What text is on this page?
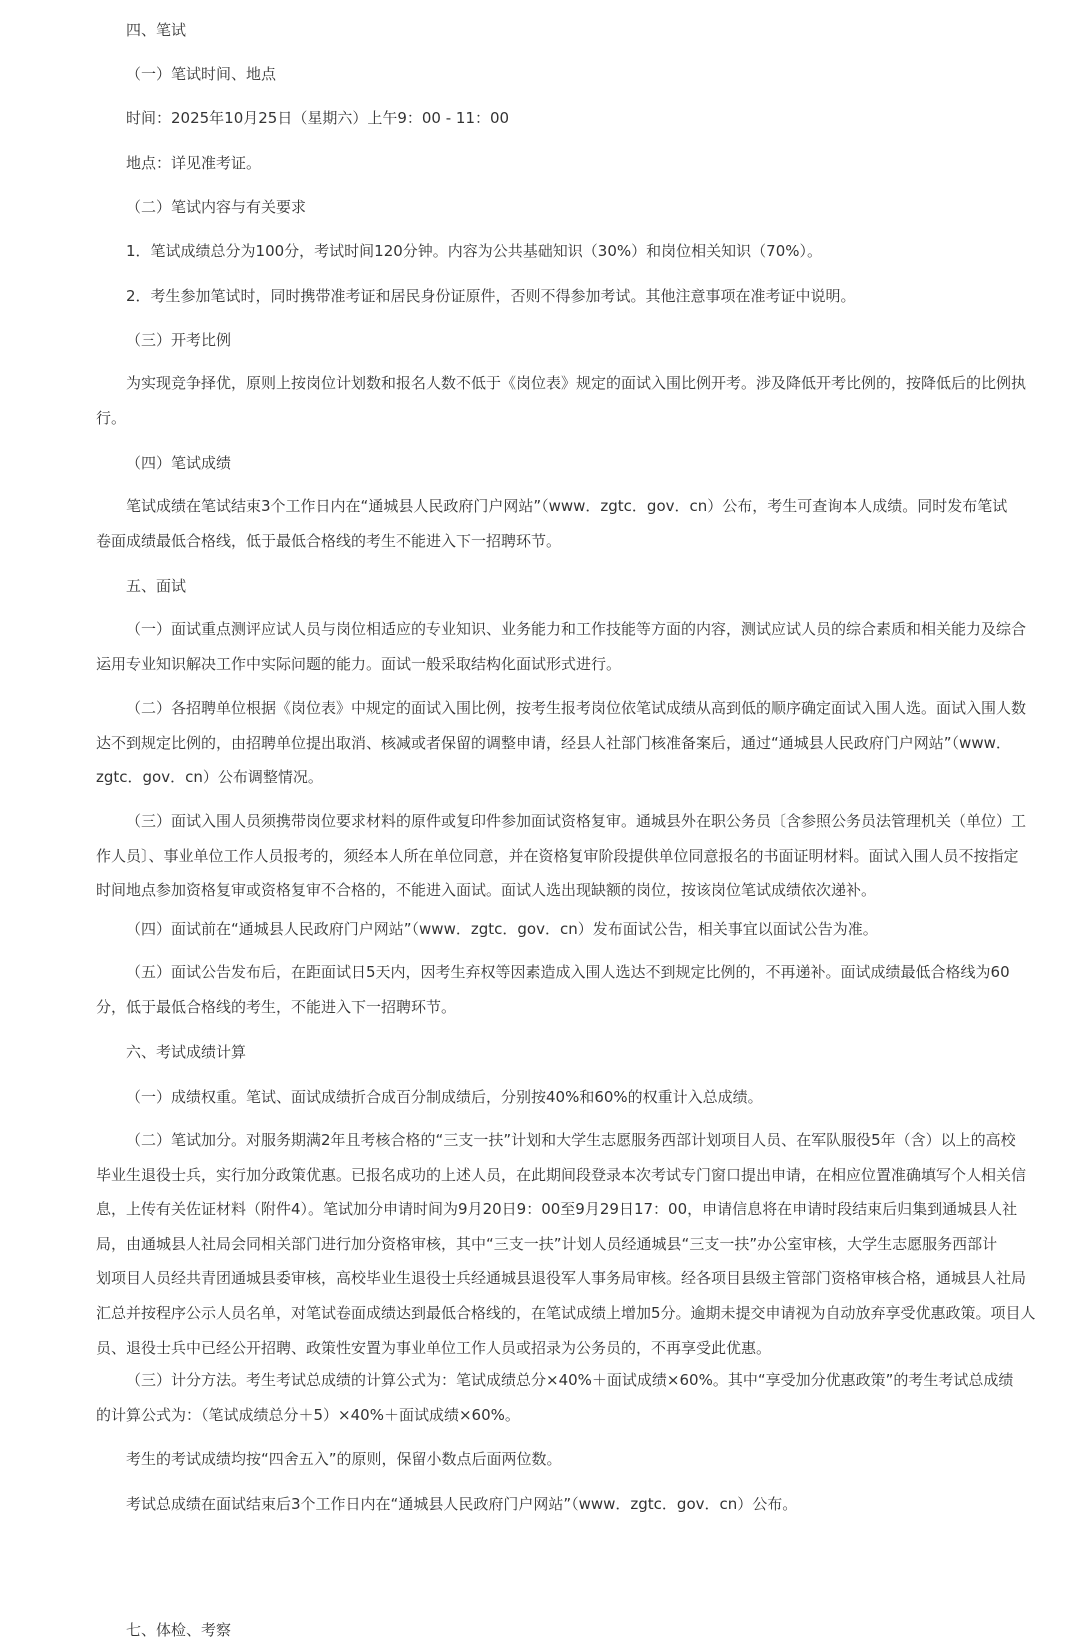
四、笔试
（一）笔试时间、地点
时间：2025年10月25日（星期六）上午9：00 - 11：00
地点：详见准考证。
（二）笔试内容与有关要求
1．笔试成绩总分为100分，考试时间120分钟。内容为公共基础知识（30%）和岗位相关知识（70%）。
2．考生参加笔试时，同时携带准考证和居民身份证原件，否则不得参加考试。其他注意事项在准考证中说明。
（三）开考比例
为实现竞争择优，原则上按岗位计划数和报名人数不低于《岗位表》规定的面试入围比例开考。涉及降低开考比例的，按降低后的比例执
行。
（四）笔试成绩
笔试成绩在笔试结束3个工作日内在“通城县人民政府门户网站”（www．zgtc．gov．cn）公布，考生可查询本人成绩。同时发布笔试
卷面成绩最低合格线，低于最低合格线的考生不能进入下一招聘环节。
五、面试
（一）面试重点测评应试人员与岗位相适应的专业知识、业务能力和工作技能等方面的内容，测试应试人员的综合素质和相关能力及综合
运用专业知识解决工作中实际问题的能力。面试一般采取结构化面试形式进行。
（二）各招聘单位根据《岗位表》中规定的面试入围比例，按考生报考岗位依笔试成绩从高到低的顺序确定面试入围人选。面试入围人数
达不到规定比例的，由招聘单位提出取消、核减或者保留的调整申请，经县人社部门核准备案后，通过“通城县人民政府门户网站”（www．
zgtc．gov．cn）公布调整情况。
（三）面试入围人员须携带岗位要求材料的原件或复印件参加面试资格复审。通城县外在职公务员〔含参照公务员法管理机关（单位）工
作人员〕、事业单位工作人员报考的，须经本人所在单位同意，并在资格复审阶段提供单位同意报名的书面证明材料。面试入围人员不按指定
时间地点参加资格复审或资格复审不合格的，不能进入面试。面试人选出现缺额的岗位，按该岗位笔试成绩依次递补。
（四）面试前在“通城县人民政府门户网站”（www．zgtc．gov．cn）发布面试公告，相关事宜以面试公告为准。
（五）面试公告发布后，在距面试日5天内，因考生弃权等因素造成入围人选达不到规定比例的，不再递补。面试成绩最低合格线为60
分，低于最低合格线的考生，不能进入下一招聘环节。
六、考试成绩计算
（一）成绩权重。笔试、面试成绩折合成百分制成绩后，分别按40%和60%的权重计入总成绩。
（二）笔试加分。对服务期满2年且考核合格的“三支一扶”计划和大学生志愿服务西部计划项目人员、在军队服役5年（含）以上的高校
毕业生退役士兵，实行加分政策优惠。已报名成功的上述人员，在此期间段登录本次考试专门窗口提出申请，在相应位置准确填写个人相关信
息，上传有关佐证材料（附件4）。笔试加分申请时间为9月20日9：00至9月29日17：00，申请信息将在申请时段结束后归集到通城县人社
局，由通城县人社局会同相关部门进行加分资格审核，其中“三支一扶”计划人员经通城县“三支一扶”办公室审核，大学生志愿服务西部计
划项目人员经共青团通城县委审核，高校毕业生退役士兵经通城县退役军人事务局审核。经各项目县级主管部门资格审核合格，通城县人社局
汇总并按程序公示人员名单，对笔试卷面成绩达到最低合格线的，在笔试成绩上增加5分。逾期未提交申请视为自动放弃享受优惠政策。项目人
员、退役士兵中已经公开招聘、政策性安置为事业单位工作人员或招录为公务员的，不再享受此优惠。
（三）计分方法。考生考试总成绩的计算公式为：笔试成绩总分×40%＋面试成绩×60%。其中“享受加分优惠政策”的考生考试总成绩
的计算公式为：（笔试成绩总分＋5）×40%＋面试成绩×60%。
考生的考试成绩均按“四舍五入”的原则，保留小数点后面两位数。
考试总成绩在面试结束后3个工作日内在“通城县人民政府门户网站”（www．zgtc．gov．cn）公布。
七、体检、考察
